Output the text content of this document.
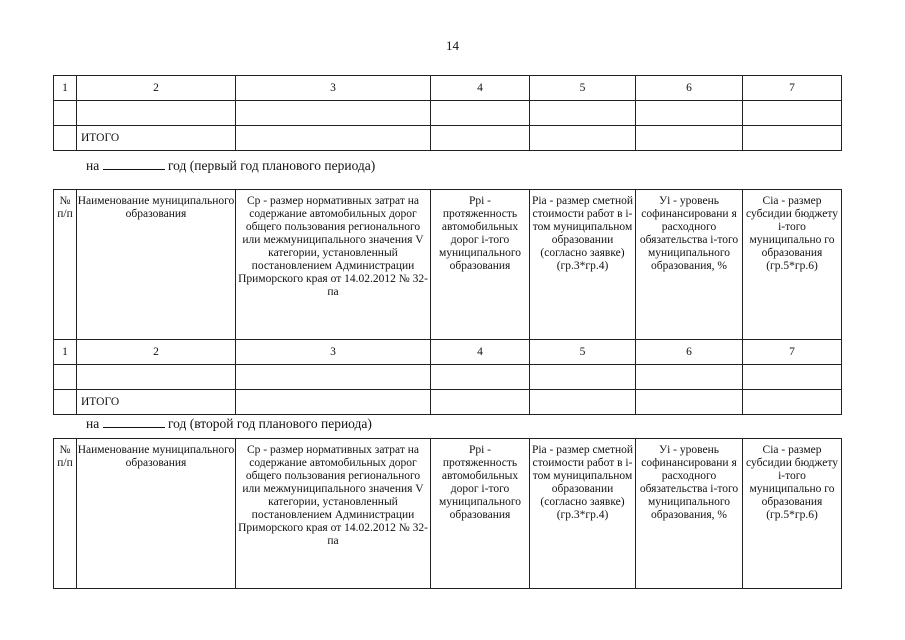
14
1	2	3	4	5	6	7

	ИТОГО					
на	год (первый год планового периода)
№ п/п	Наименование муниципального образования	Ср - размер нормативных затрат на содержание автомобильных дорог общего пользования регионального или межмуниципального значения V категории, установленный постановлением Администрации Приморского края от 14.02.2012 № 32-па	Pрi - протяженность автомобильных дорог i-того муниципального образования	Рia - размер сметной стоимости работ в i-том муниципальном образовании (согласно заявке) (гр.3*гр.4)	Уi - уровень софинансировани я расходного обязательства i-того муниципального образования, %	Сia - размер субсидии бюджету i-того муниципально го образования (гр.5*гр.6)
1	2	3	4	5	6	7

	ИТОГО					
на	год (второй год планового периода)
№ п/п	Наименование муниципального образования	Ср - размер нормативных затрат на содержание автомобильных дорог общего пользования регионального или межмуниципального значения V категории, установленный постановлением Администрации Приморского края от 14.02.2012 № 32-па	Pрi - протяженность автомобильных дорог i-того муниципального образования	Рia - размер сметной стоимости работ в i-том муниципальном образовании (согласно заявке) (гр.3*гр.4)	Уi - уровень софинансировани я расходного обязательства i-того муниципального образования, %	Сia - размер субсидии бюджету i-того муниципально го образования (гр.5*гр.6)
